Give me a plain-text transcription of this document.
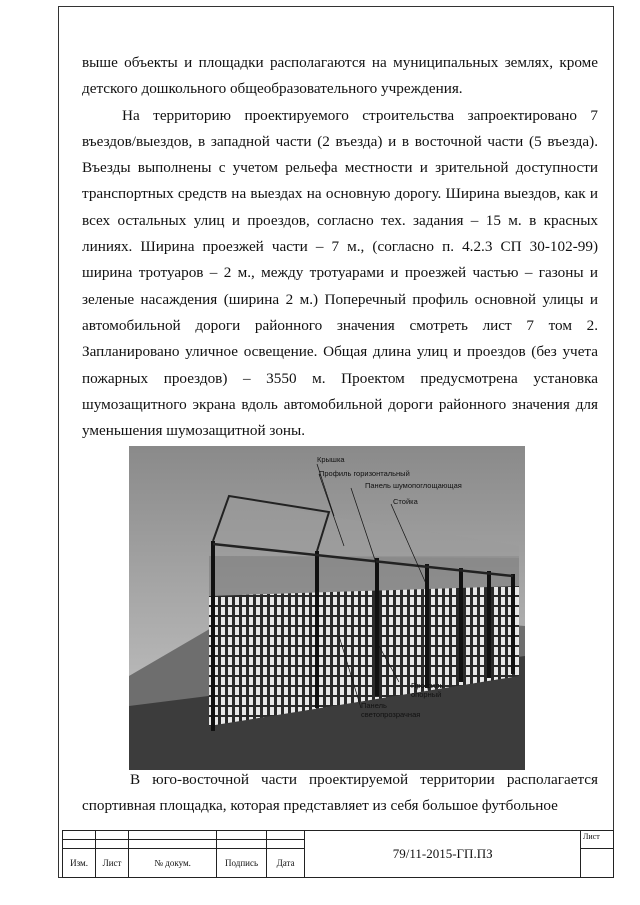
выше объекты и площадки располагаются на муниципальных землях, кроме детского дошкольного общеобразовательного учреждения.

На территорию проектируемого строительства запроектировано 7 въездов/выездов, в западной части (2 въезда) и в восточной части (5 въезда). Въезды выполнены с учетом рельефа местности и зрительной доступности транспортных средств на выездах на основную дорогу. Ширина выездов, как и всех остальных улиц и проездов, согласно тех. задания – 15 м. в красных линиях. Ширина проезжей части – 7 м., (согласно п. 4.2.3 СП 30-102-99) ширина тротуаров – 2 м., между тротуарами и проезжей частью – газоны и зеленые насаждения (ширина 2 м.) Поперечный профиль основной улицы и автомобильной дороги районного значения смотреть лист 7 том 2. Запланировано уличное освещение. Общая длина улиц и проездов (без учета пожарных проездов) – 3550 м. Проектом предусмотрена установка шумозащитного экрана вдоль автомобильной дороги районного значения для уменьшения шумозащитной зоны.

Крышка
Профиль горизонтальный
Панель шумопоглощающая
Стойка
Профиль
опорный
Панель
светопрозрачная

В юго-восточной части проектируемой территории располагается спортивная площадка, которая представляет из себя большое футбольное

					79/11-2015-ГП.ПЗ	Лист

Изм.	Лист	№ докум.	Подпись	Дата		
